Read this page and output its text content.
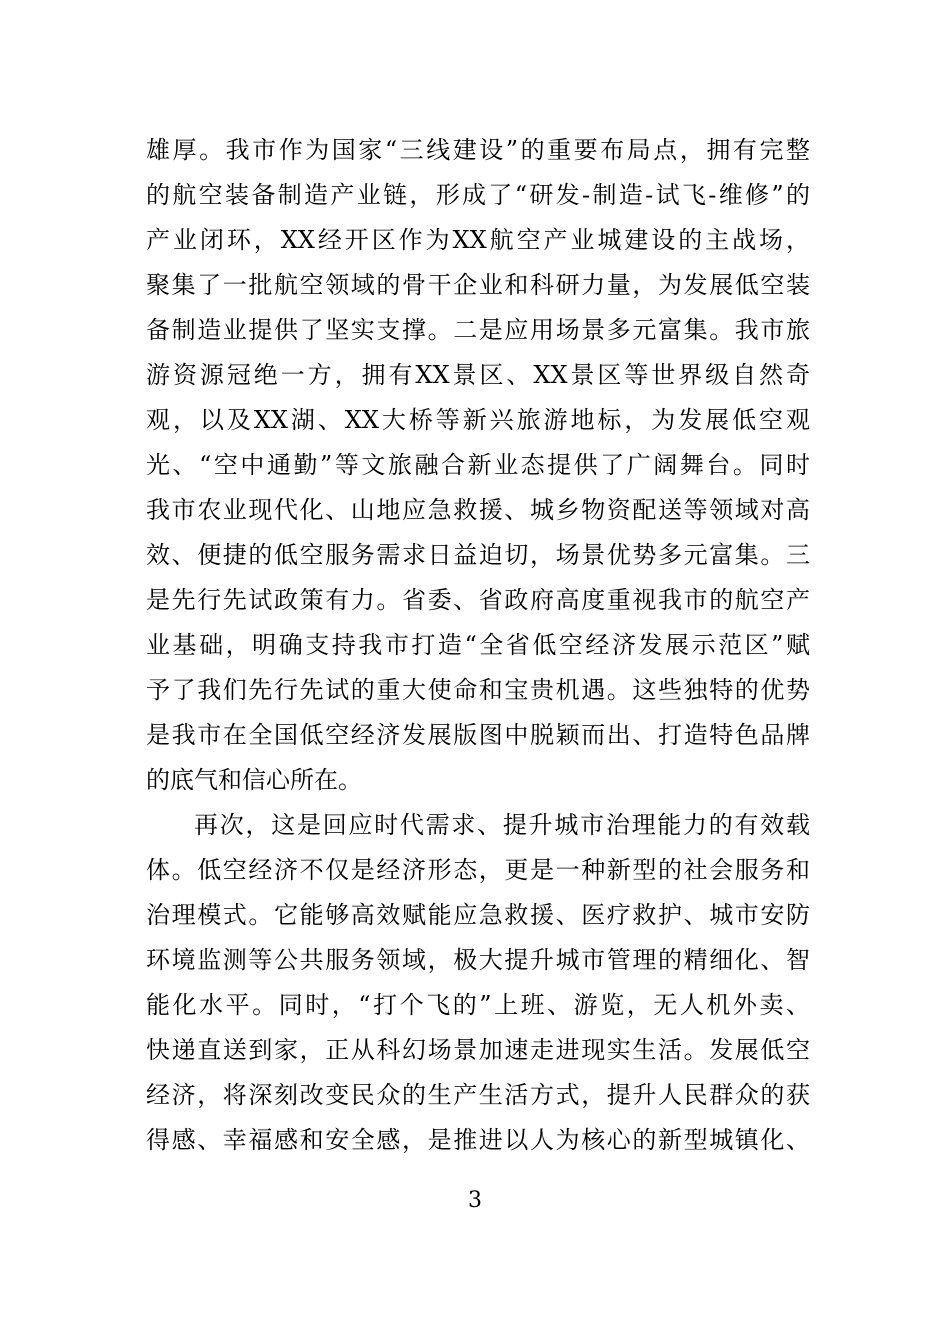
雄厚。我市作为国家“三线建设”的重要布局点，拥有完整
的航空装备制造产业链，形成了“研发-制造-试飞-维修”的
产业闭环，XX经开区作为XX航空产业城建设的主战场，
聚集了一批航空领域的骨干企业和科研力量，为发展低空装
备制造业提供了坚实支撑。二是应用场景多元富集。我市旅
游资源冠绝一方，拥有XX景区、XX景区等世界级自然奇
观，以及XX湖、XX大桥等新兴旅游地标，为发展低空观
光、“空中通勤”等文旅融合新业态提供了广阔舞台。同时
我市农业现代化、山地应急救援、城乡物资配送等领域对高
效、便捷的低空服务需求日益迫切，场景优势多元富集。三
是先行先试政策有力。省委、省政府高度重视我市的航空产
业基础，明确支持我市打造“全省低空经济发展示范区”赋
予了我们先行先试的重大使命和宝贵机遇。这些独特的优势
是我市在全国低空经济发展版图中脱颖而出、打造特色品牌
的底气和信心所在。
再次，这是回应时代需求、提升城市治理能力的有效载
体。低空经济不仅是经济形态，更是一种新型的社会服务和
治理模式。它能够高效赋能应急救援、医疗救护、城市安防
环境监测等公共服务领域，极大提升城市管理的精细化、智
能化水平。同时，“打个飞的”上班、游览，无人机外卖、
快递直送到家，正从科幻场景加速走进现实生活。发展低空
经济，将深刻改变民众的生产生活方式，提升人民群众的获
得感、幸福感和安全感，是推进以人为核心的新型城镇化、
3
